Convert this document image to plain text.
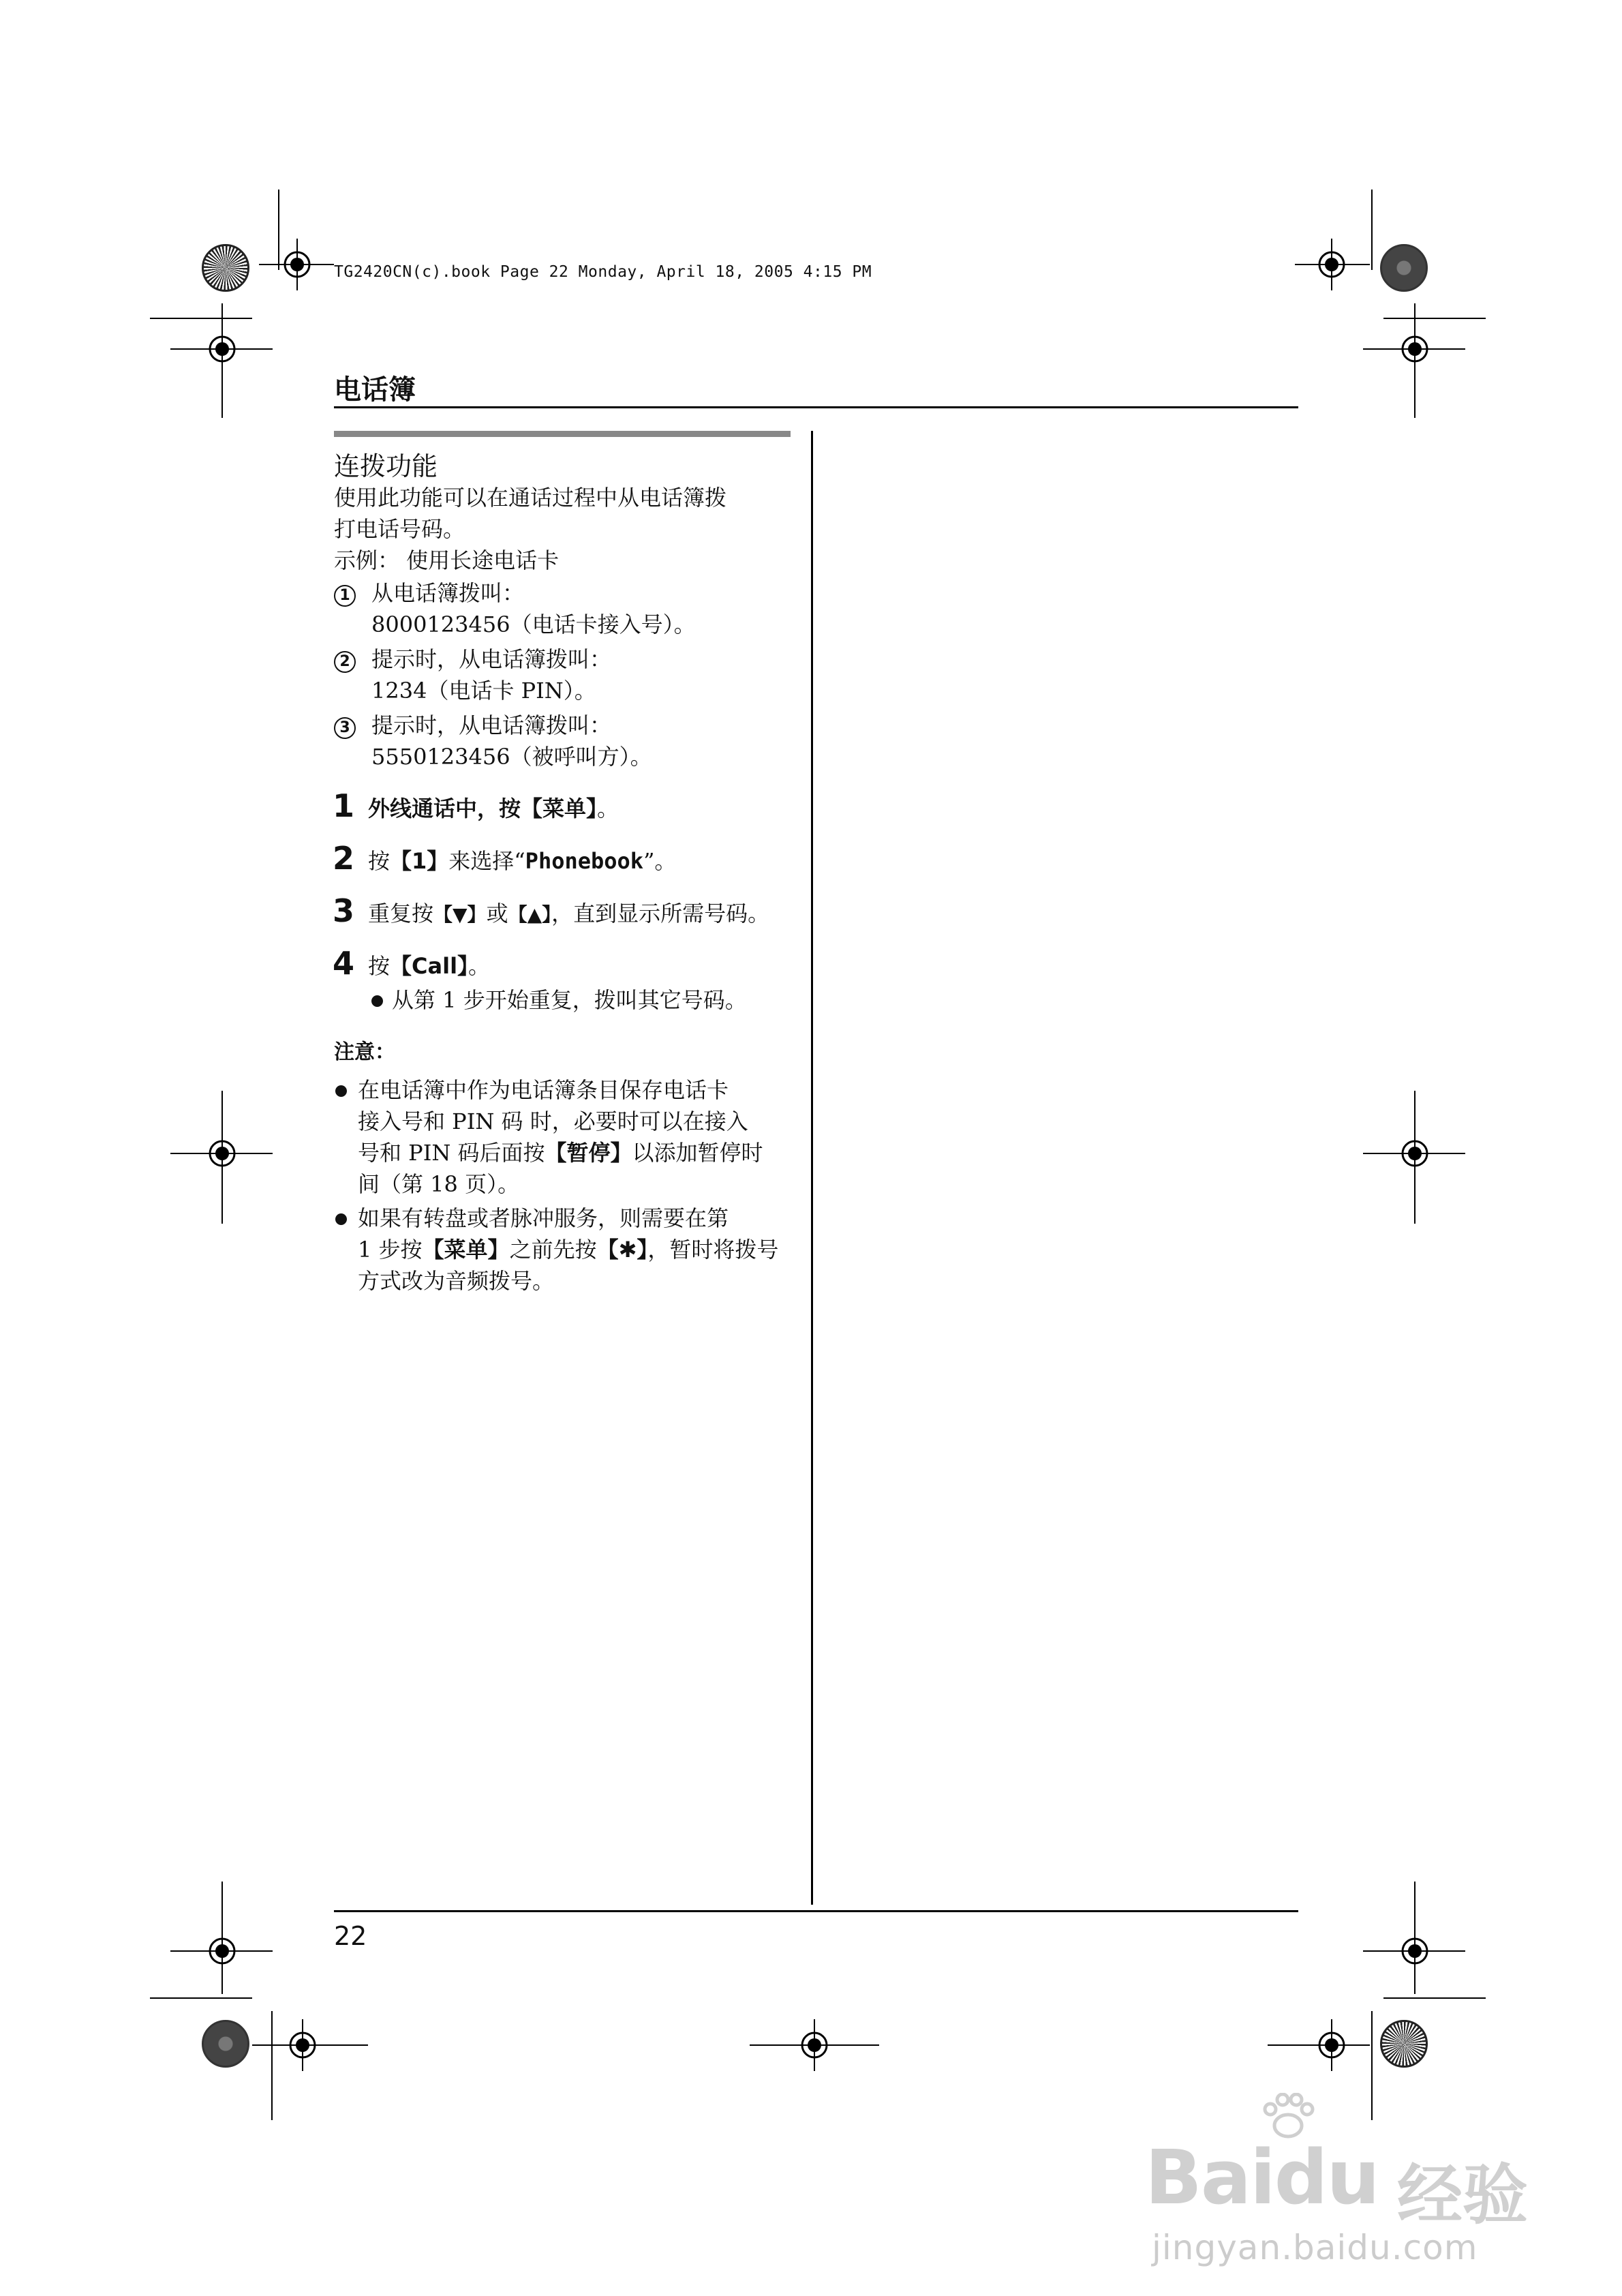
TG2420CN(c).book Page 22 Monday, April 18, 2005 4:15 PM
电话簿
连拨功能
使用此功能可以在通话过程中从电话簿拨
打电话号码。
示例： 使用长途电话卡
1 从电话簿拨叫：
8000123456（电话卡接入号）。
2 提示时，从电话簿拨叫：
1234（电话卡 PIN）。
3 提示时，从电话簿拨叫：
5550123456（被呼叫方）。
1 外线通话中，按【菜单】。
2 按【1】来选择“Phonebook”。
3 重复按【▼】或【▲】，直到显示所需号码。
4 按【Call】。
从第 1 步开始重复，拨叫其它号码。
注意：
在电话簿中作为电话簿条目保存电话卡
接入号和 PIN 码 时，必要时可以在接入
号和 PIN 码后面按【暂停】以添加暂停时
间（第 18 页）。
如果有转盘或者脉冲服务，则需要在第
1 步按【菜单】之前先按【✱】，暂时将拨号
方式改为音频拨号。
22
Baidu 经验
jingyan.baidu.com
